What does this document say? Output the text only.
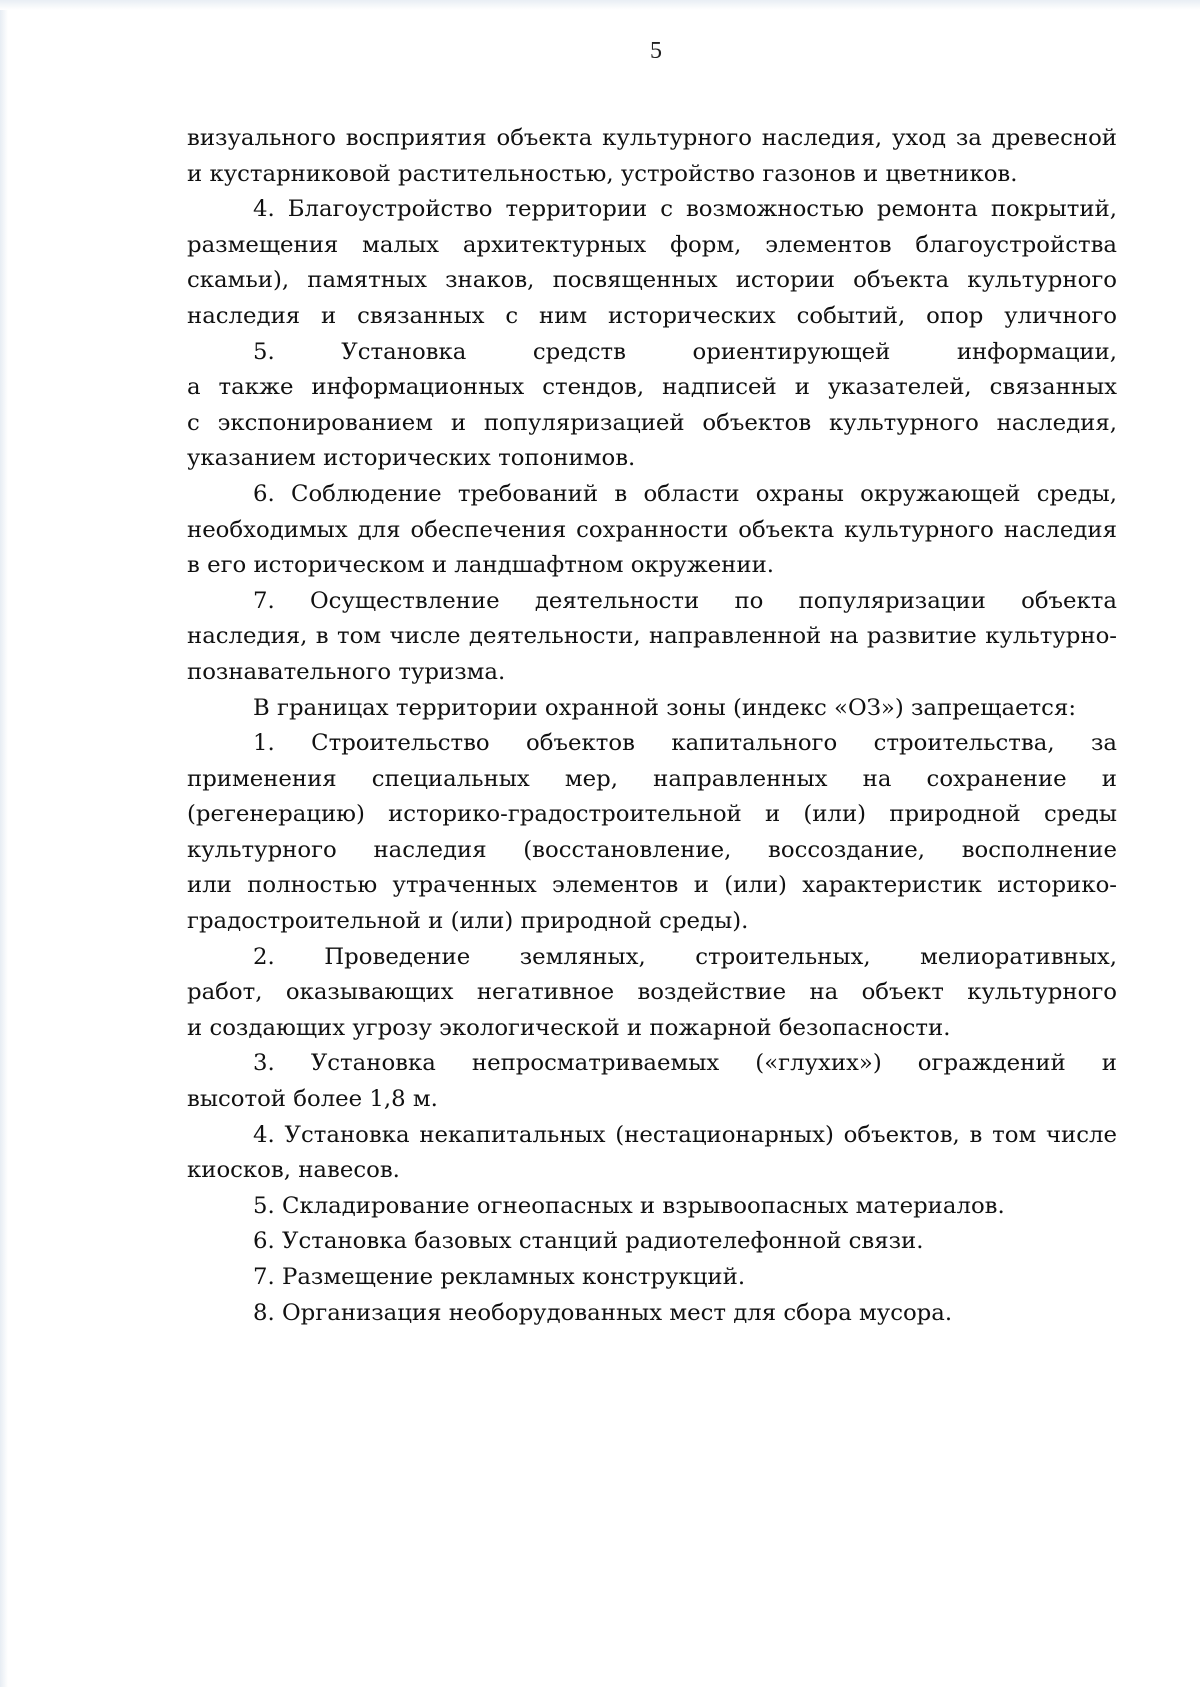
5
визуального восприятия объекта культурного наследия, уход за древесной
и кустарниковой растительностью, устройство газонов и цветников.
4. Благоустройство территории с возможностью ремонта покрытий,
размещения малых архитектурных форм, элементов благоустройства
скамьи), памятных знаков, посвященных истории объекта культурного
наследия и связанных с ним исторических событий, опор уличного
5. Установка средств ориентирующей информации,
а также информационных стендов, надписей и указателей, связанных
с экспонированием и популяризацией объектов культурного наследия,
указанием исторических топонимов.
6. Соблюдение требований в области охраны окружающей среды,
необходимых для обеспечения сохранности объекта культурного наследия
в его историческом и ландшафтном окружении.
7. Осуществление деятельности по популяризации объекта
наследия, в том числе деятельности, направленной на развитие культурно-
познавательного туризма.
В границах территории охранной зоны (индекс «ОЗ») запрещается:
1. Строительство объектов капитального строительства, за
применения специальных мер, направленных на сохранение и
(регенерацию) историко-градостроительной и (или) природной среды
культурного наследия (восстановление, воссоздание, восполнение
или полностью утраченных элементов и (или) характеристик историко-
градостроительной и (или) природной среды).
2. Проведение земляных, строительных, мелиоративных,
работ, оказывающих негативное воздействие на объект культурного
и создающих угрозу экологической и пожарной безопасности.
3. Установка непросматриваемых («глухих») ограждений и
высотой более 1,8 м.
4. Установка некапитальных (нестационарных) объектов, в том числе
киосков, навесов.
5. Складирование огнеопасных и взрывоопасных материалов.
6. Установка базовых станций радиотелефонной связи.
7. Размещение рекламных конструкций.
8. Организация необорудованных мест для сбора мусора.
